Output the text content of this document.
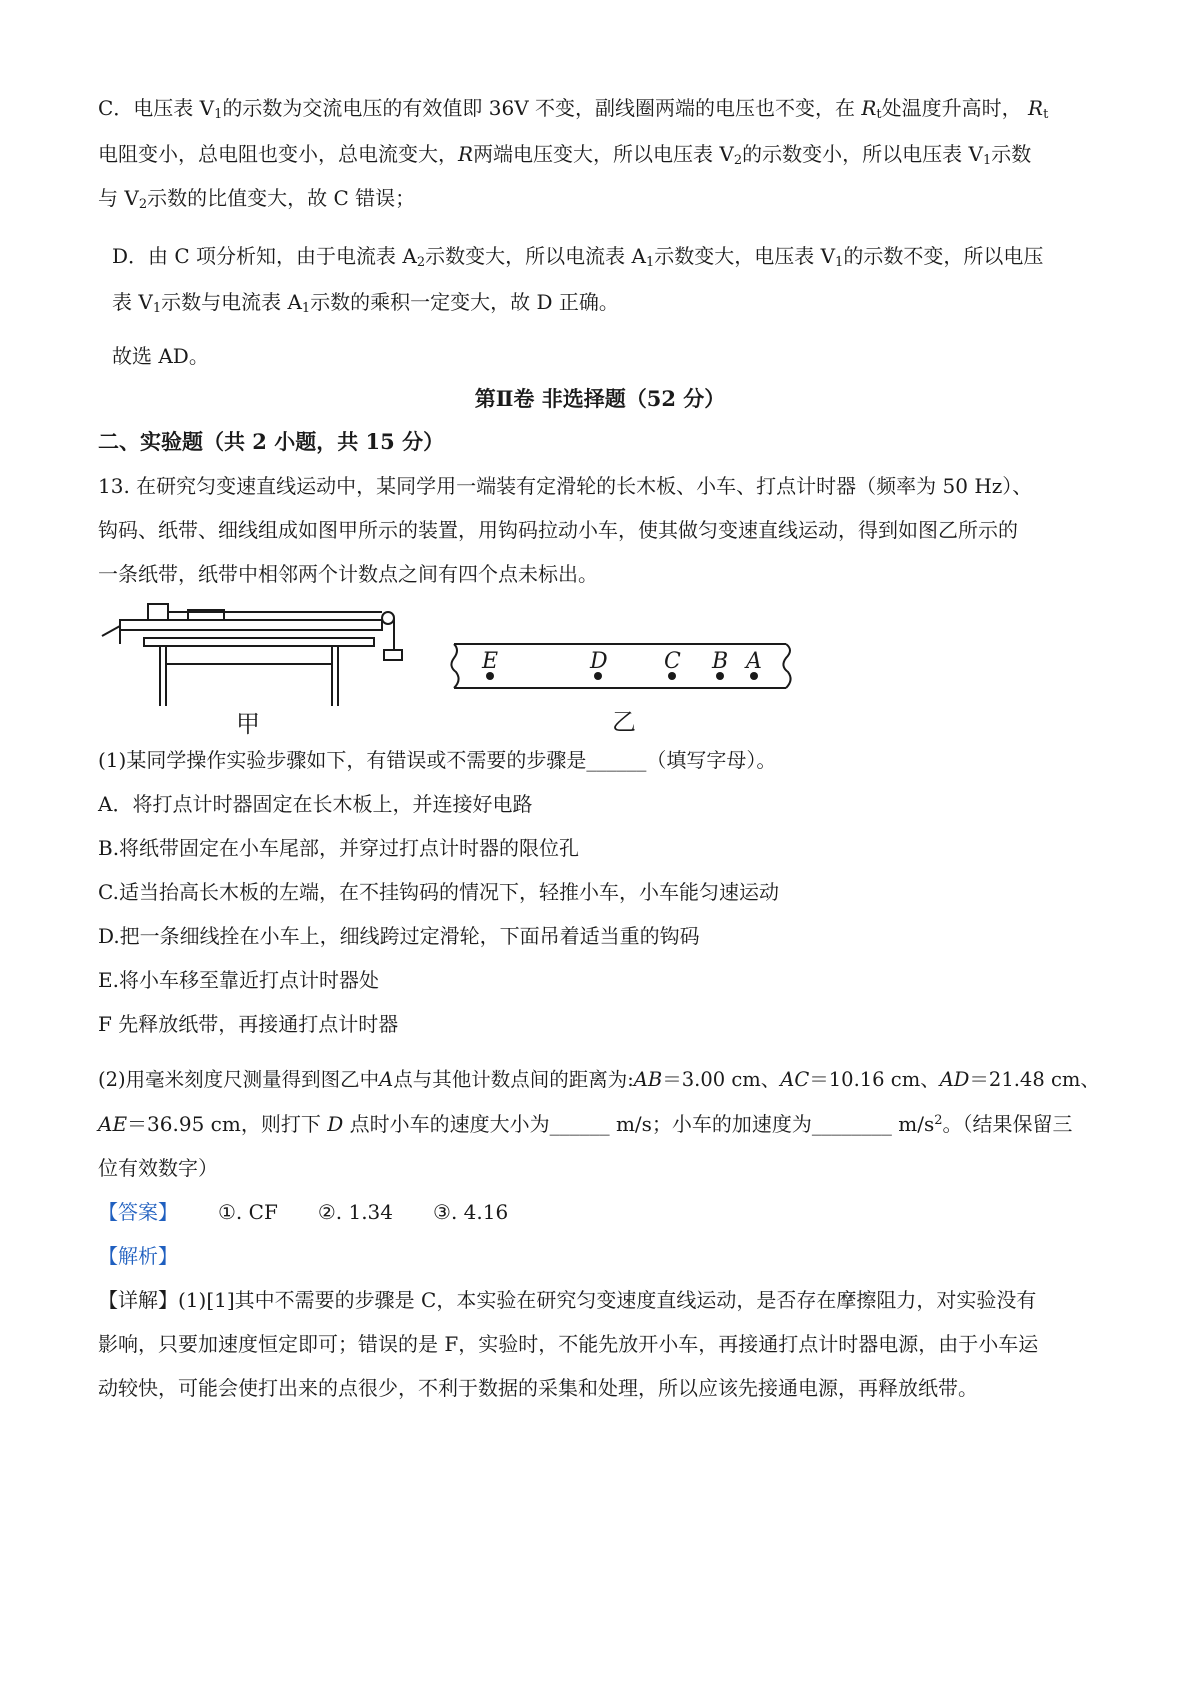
C．电压表 $V_1$的示数为交流电压的有效值即 36V 不变，副线圈两端的电压也不变，在 $R_t$处温度升高时， $R_t$
电阻变小，总电阻也变小，总电流变大，R两端电压变大，所以电压表 $V_2$的示数变小，所以电压表 $V_1$示数
与 $V_2$示数的比值变大，故 C 错误；
D．由 C 项分析知，由于电流表 $A_2$示数变大，所以电流表 $A_1$示数变大，电压表 $V_1$的示数不变，所以电压
表 $V_1$示数与电流表 $A_1$示数的乘积一定变大，故 D 正确。
故选 AD。
第Ⅱ卷 非选择题（52 分）
二、实验题（共 2 小题，共 15 分）
13. 在研究匀变速直线运动中，某同学用一端装有定滑轮的长木板、小车、打点计时器（频率为 50 Hz）、
钩码、纸带、细线组成如图甲所示的装置，用钩码拉动小车，使其做匀变速直线运动，得到如图乙所示的
一条纸带，纸带中相邻两个计数点之间有四个点未标出。
甲
E	D	C B A
乙
(1)某同学操作实验步骤如下，有错误或不需要的步骤是______（填写字母）。
A．将打点计时器固定在长木板上，并连接好电路
B.将纸带固定在小车尾部，并穿过打点计时器的限位孔
C.适当抬高长木板的左端，在不挂钩码的情况下，轻推小车，小车能匀速运动
D.把一条细线拴在小车上，细线跨过定滑轮，下面吊着适当重的钩码
E.将小车移至靠近打点计时器处
F 先释放纸带，再接通打点计时器
(2)用毫米刻度尺测量得到图乙中A点与其他计数点间的距离为:AB＝3.00 cm、AC＝10.16 cm、AD＝21.48 cm、
AE＝36.95 cm，则打下 D 点时小车的速度大小为______ m/s；小车的加速度为________ $m/s^2$。（结果保留三
位有效数字）
【答案】 ①. CF ②. 1.34 ③. 4.16
【解析】
【详解】(1)[1]其中不需要的步骤是 C，本实验在研究匀变速度直线运动，是否存在摩擦阻力，对实验没有
影响，只要加速度恒定即可；错误的是 F，实验时，不能先放开小车，再接通打点计时器电源，由于小车运
动较快，可能会使打出来的点很少，不利于数据的采集和处理，所以应该先接通电源，再释放纸带。
